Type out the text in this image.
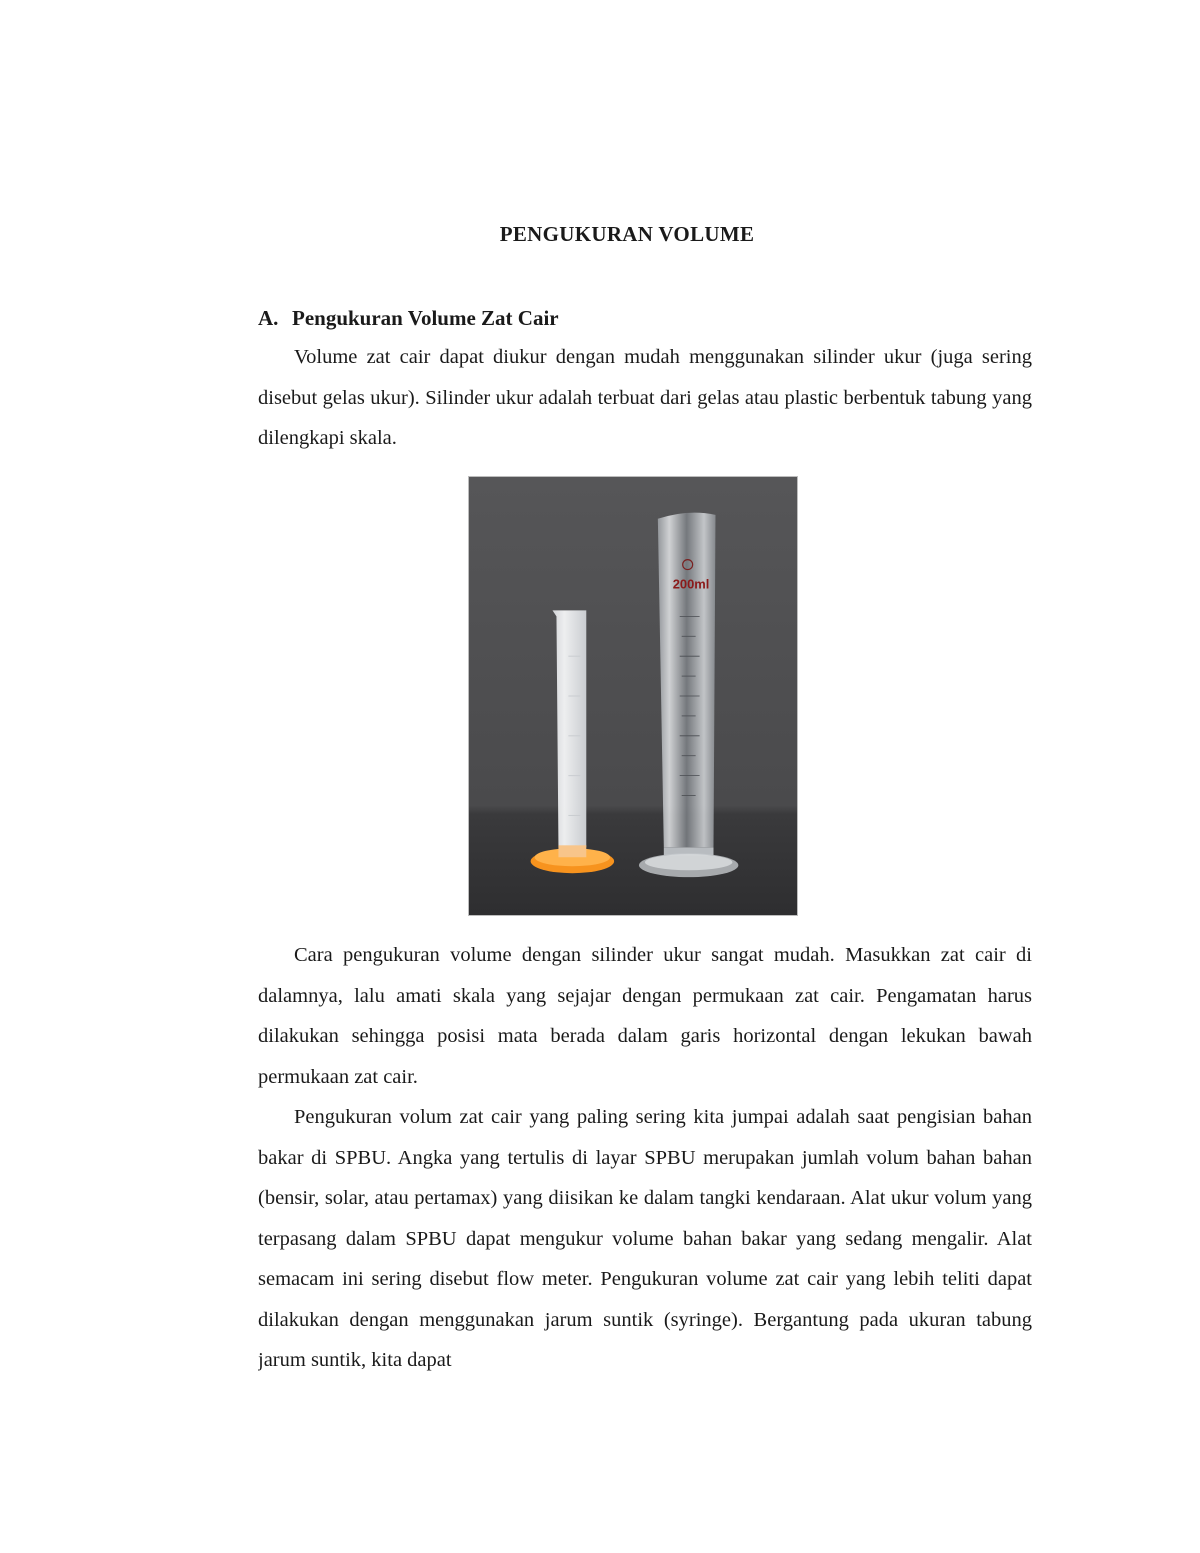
PENGUKURAN VOLUME
A. Pengukuran Volume Zat Cair

Volume zat cair dapat diukur dengan mudah menggunakan silinder ukur (juga sering disebut gelas ukur). Silinder ukur adalah terbuat dari gelas atau plastic berbentuk tabung yang dilengkapi skala.

200ml

Cara pengukuran volume dengan silinder ukur sangat mudah. Masukkan zat cair di dalamnya, lalu amati skala yang sejajar dengan permukaan zat cair. Pengamatan harus dilakukan sehingga posisi mata berada dalam garis horizontal dengan lekukan bawah permukaan zat cair.

Pengukuran volum zat cair yang paling sering kita jumpai adalah saat pengisian bahan bakar di SPBU. Angka yang tertulis di layar SPBU merupakan jumlah volum bahan bahan (bensir, solar, atau pertamax) yang diisikan ke dalam tangki kendaraan. Alat ukur volum yang terpasang dalam SPBU dapat mengukur volume bahan bakar yang sedang mengalir. Alat semacam ini sering disebut flow meter. Pengukuran volume zat cair yang lebih teliti dapat dilakukan dengan menggunakan jarum suntik (syringe). Bergantung pada ukuran tabung jarum suntik, kita dapat
